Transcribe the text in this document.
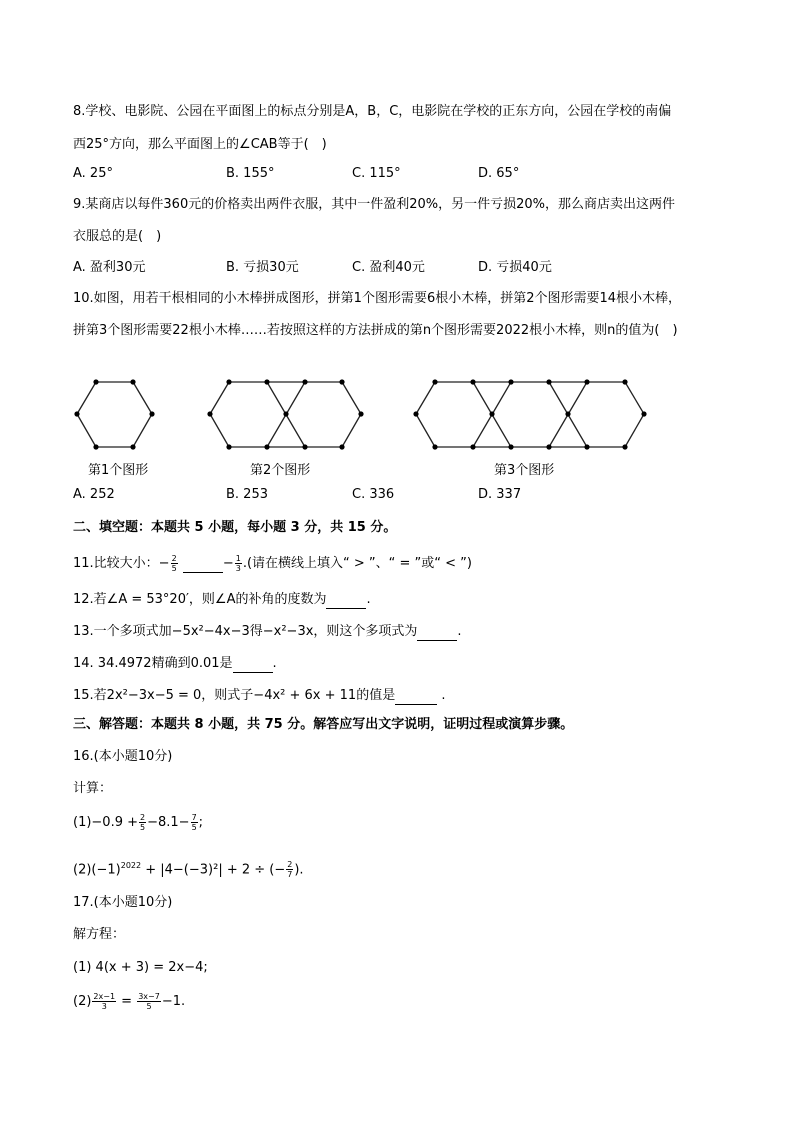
8.学校、电影院、公园在平面图上的标点分别是A，B，C，电影院在学校的正东方向，公园在学校的南偏
西25°方向，那么平面图上的∠CAB等于(　)
A. 25°	B. 155°	C. 115°	D. 65°
9.某商店以每件360元的价格卖出两件衣服，其中一件盈利20%，另一件亏损20%，那么商店卖出这两件
衣服总的是(　)
A. 盈利30元	B. 亏损30元	C. 盈利40元	D. 亏损40元
10.如图，用若干根相同的小木棒拼成图形，拼第1个图形需要6根小木棒，拼第2个图形需要14根小木棒，
拼第3个图形需要22根小木棒……若按照这样的方法拼成的第n个图形需要2022根小木棒，则n的值为(　)
第1个图形	第2个图形	第3个图形
A. 252	B. 253	C. 336	D. 337
二、填空题：本题共 5 小题，每小题 3 分，共 15 分。
11.比较大小：− $\frac{2}{5}$	− $\frac{1}{3}$ .(请在横线上填入“ > ”、“ = ”或“ < ”)
12.若∠A = 53°20′，则∠A的补角的度数为	.
13.一个多项式加−5x²−4x−3得−x²−3x，则这个多项式为	.
14. 34.4972精确到0.01是	.
15.若2x²−3x−5 = 0，则式子−4x² + 6x + 11的值是	.
三、解答题：本题共 8 小题，共 75 分。解答应写出文字说明，证明过程或演算步骤。
16.(本小题10分)
计算：
$(1)-0.9 + \frac{2}{5} -8.1- \frac{7}{5}$ ;
$(2)(-1)^{2022} + |4-(-3)^2| + 2$ ÷ (− $\frac{2}{7}$ ).
17.(本小题10分)
解方程：
(1) 4(x + 3) = 2x−4;
$(2) \frac{2x-1}{3} = \frac{3x-7}{5} -1$.
